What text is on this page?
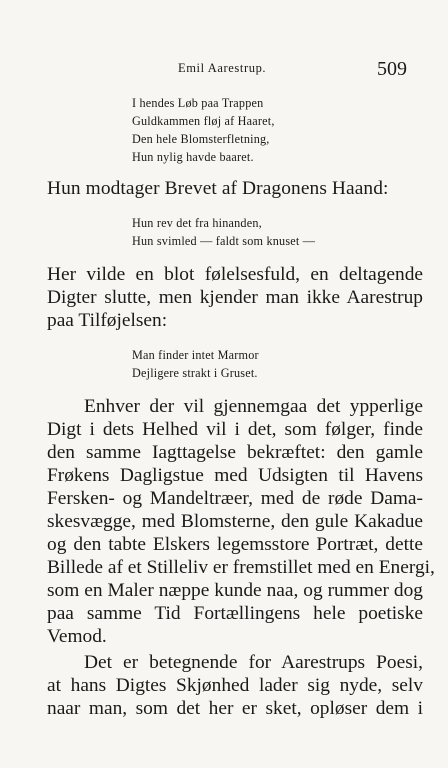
Emil Aarestrup.	509
I hendes Løb paa Trappen
Guldkammen fløj af Haaret,
Den hele Blomsterfletning,
Hun nylig havde baaret.
Hun modtager Brevet af Dragonens Haand:
Hun rev det fra hinanden,
Hun svimled — faldt som knuset —
Her vilde en blot følelsesfuld, en deltagende
Digter slutte, men kjender man ikke Aarestrup
paa Tilføjelsen:
Man finder intet Marmor
Dejligere strakt i Gruset.
Enhver der vil gjennemgaa det ypperlige
Digt i dets Helhed vil i det, som følger, finde
den samme Iagttagelse bekræftet: den gamle
Frøkens Dagligstue med Udsigten til Havens
Fersken- og Mandeltræer, med de røde Dama-
skesvægge, med Blomsterne, den gule Kakadue
og den tabte Elskers legemsstore Portræt, dette
Billede af et Stilleliv er fremstillet med en Energi,
som en Maler næppe kunde naa, og rummer dog
paa samme Tid Fortællingens hele poetiske
Vemod.
Det er betegnende for Aarestrups Poesi,
at hans Digtes Skjønhed lader sig nyde, selv
naar man, som det her er sket, opløser dem i
